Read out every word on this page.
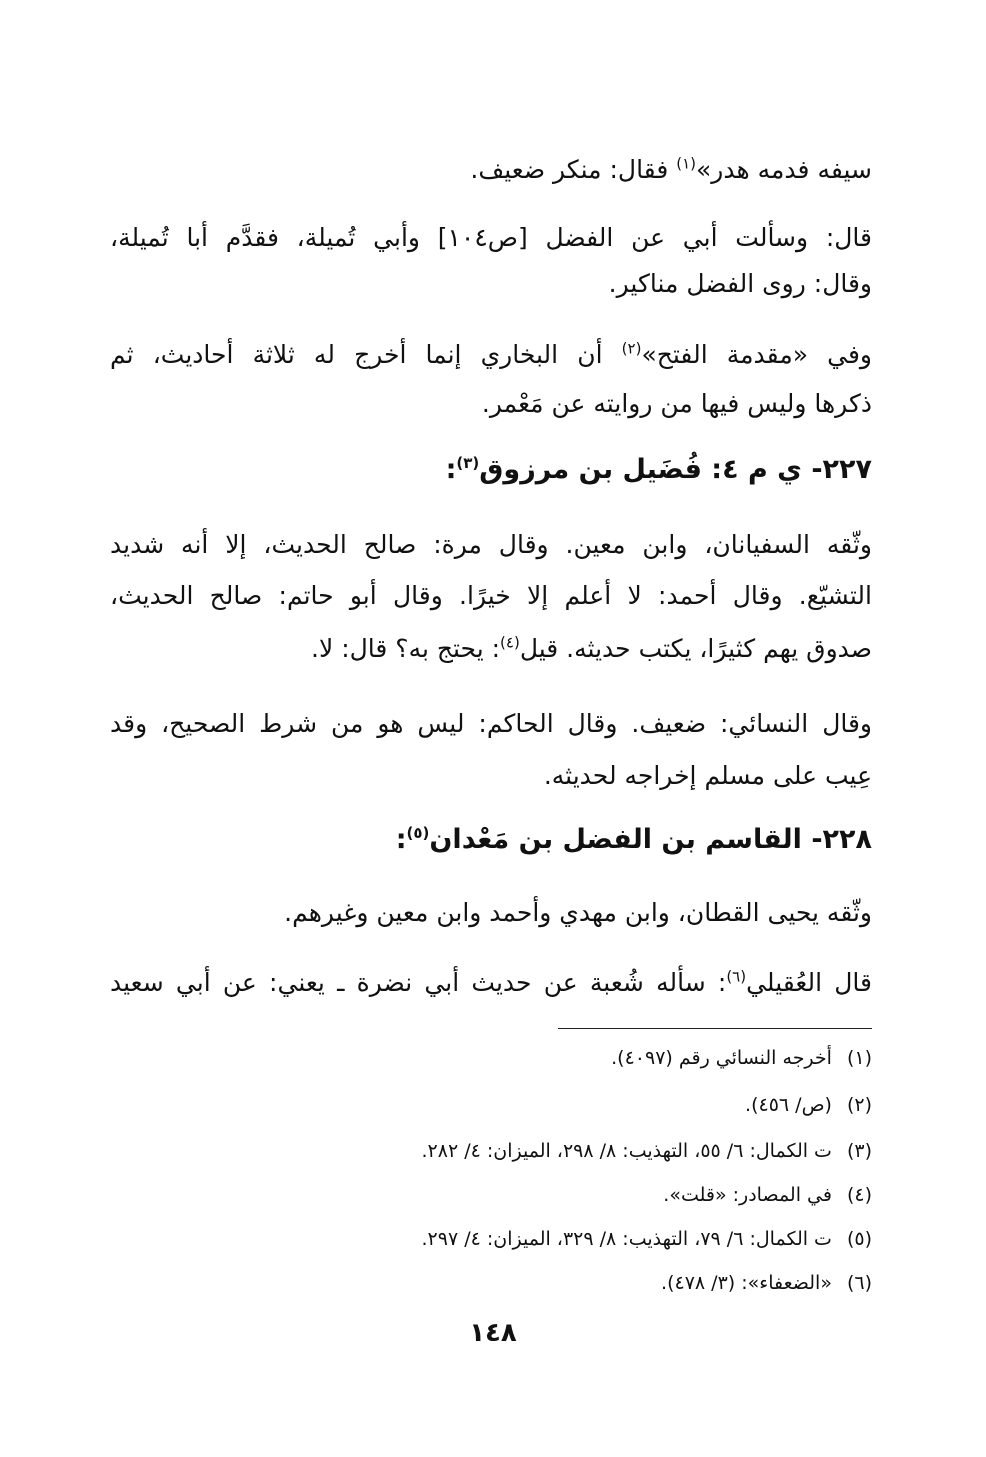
سيفه فدمه هدر»$^{(١)}$ فقال: منكر ضعيف.
قال: وسألت أبي عن الفضل [ص١٠٤] وأبي تُميلة، فقدَّم أبا تُميلة،
وقال: روى الفضل مناكير.
وفي «مقدمة الفتح»$^{(٢)}$ أن البخاري إنما أخرج له ثلاثة أحاديث، ثم
ذكرها وليس فيها من روايته عن مَعْمر.
٢٢٧- ي م ٤: فُضَيل بن مرزوق$^{(٣)}$:
وثّقه السفيانان، وابن معين. وقال مرة: صالح الحديث، إلا أنه شديد
التشيّع. وقال أحمد: لا أعلم إلا خيرًا. وقال أبو حاتم: صالح الحديث،
صدوق يهم كثيرًا، يكتب حديثه. قيل$^{(٤)}$: يحتج به؟ قال: لا.
وقال النسائي: ضعيف. وقال الحاكم: ليس هو من شرط الصحيح، وقد
عِيب على مسلم إخراجه لحديثه.
٢٢٨- القاسم بن الفضل بن مَعْدان$^{(٥)}$:
وثّقه يحيى القطان، وابن مهدي وأحمد وابن معين وغيرهم.
قال العُقيلي$^{(٦)}$: سأله شُعبة عن حديث أبي نضرة ـ يعني: عن أبي سعيد
(١) أخرجه النسائي رقم (٤٠٩٧).
(٢) (ص/ ٤٥٦).
(٣) ت الكمال: ٦/ ٥٥، التهذيب: ٨/ ٢٩٨، الميزان: ٤/ ٢٨٢.
(٤) في المصادر: «قلت».
(٥) ت الكمال: ٦/ ٧٩، التهذيب: ٨/ ٣٢٩، الميزان: ٤/ ٢٩٧.
(٦) «الضعفاء»: (٣/ ٤٧٨).
١٤٨
